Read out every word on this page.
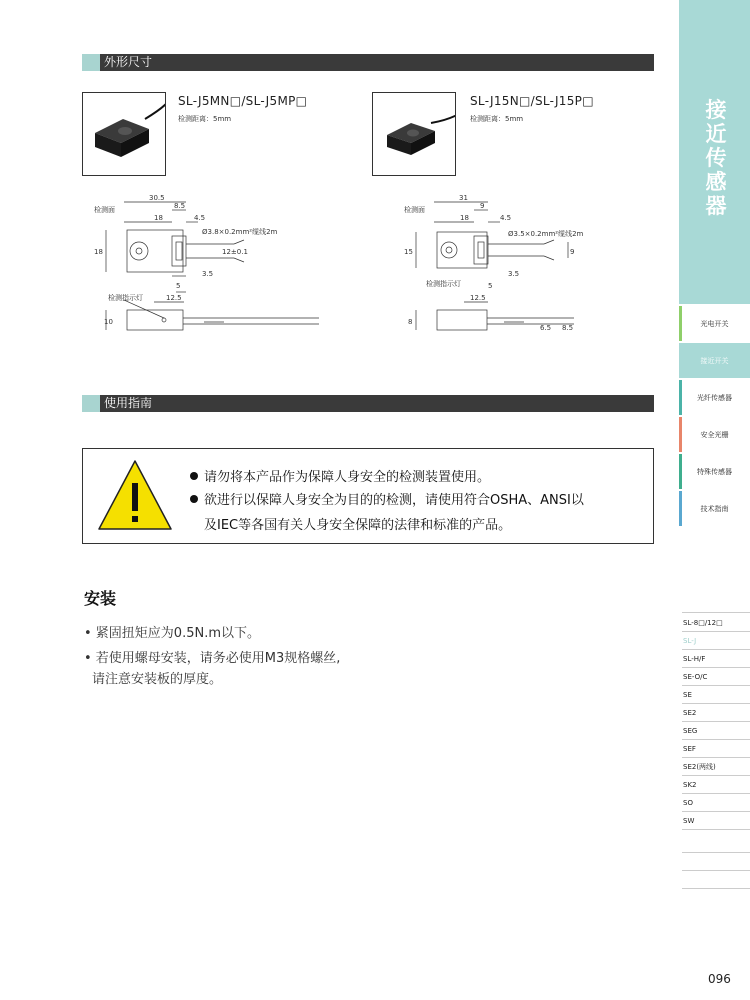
外形尺寸
SL-J5MN□/SL-J5MP□
检测距离：5mm
SL-J15N□/SL-J15P□
检测距离：5mm
检测面
30.5
8.5
18	4.5
Ø3.8×0.2mm²缆线2m
18	12±0.1
3.5
5
检测指示灯	12.5
10
检测面
31
9
18	4.5
Ø3.5×0.2mm²缆线2m
15	9
3.5
5
检测指示灯
12.5
8
6.5 8.5
使用指南
请勿将本产品作为保障人身安全的检测装置使用。
欲进行以保障人身安全为目的的检测，请使用符合OSHA、ANSI以
及IEC等各国有关人身安全保障的法律和标准的产品。
安装
• 紧固扭矩应为0.5N.m以下。
• 若使用螺母安装，请务必使用M3规格螺丝,
请注意安装板的厚度。
接
近
传
感
器
光电开关
接近开关
光纤传感器
安全光栅
特殊传感器
技术指南
SL-8□/12□
SL-J
SL-H/F
SE-O/C
SE
SE2
SEG
SEF
SE2(两线)
SK2
SO
SW
096
